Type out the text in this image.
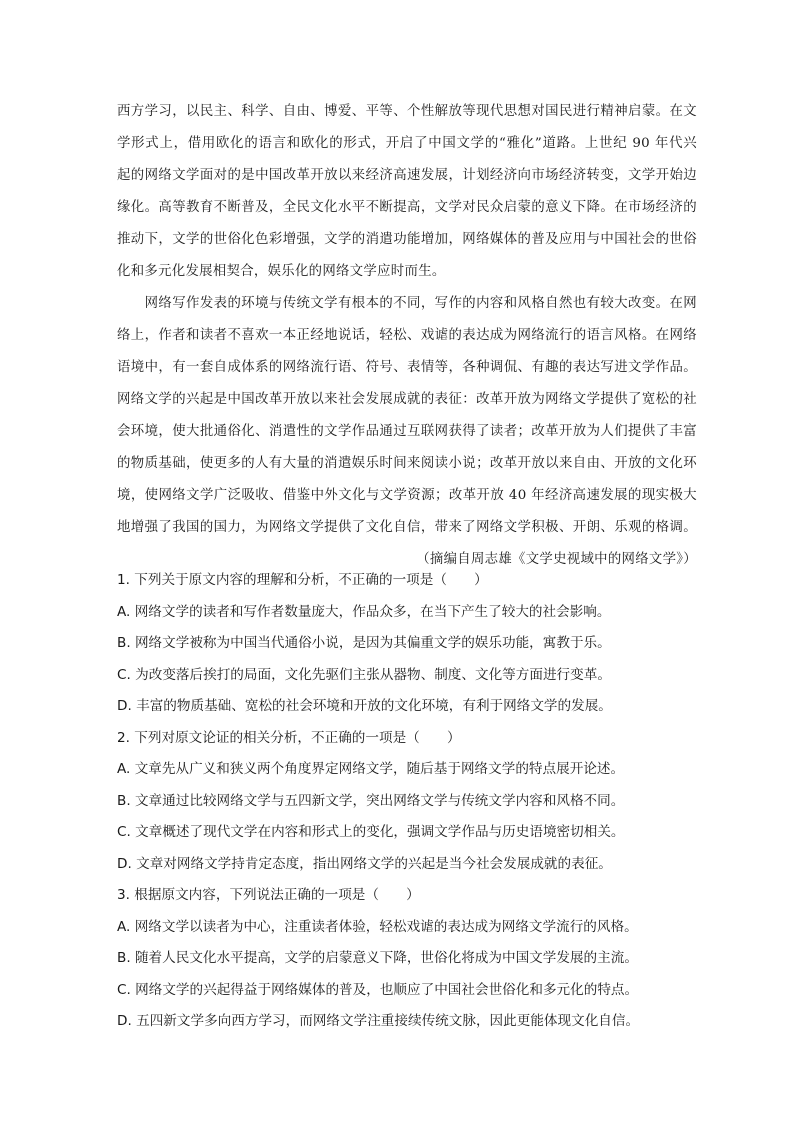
西方学习，以民主、科学、自由、博爱、平等、个性解放等现代思想对国民进行精神启蒙。在文
学形式上，借用欧化的语言和欧化的形式，开启了中国文学的“雅化”道路。上世纪 90 年代兴
起的网络文学面对的是中国改革开放以来经济高速发展，计划经济向市场经济转变，文学开始边
缘化。高等教育不断普及，全民文化水平不断提高，文学对民众启蒙的意义下降。在市场经济的
推动下，文学的世俗化色彩增强，文学的消遣功能增加，网络媒体的普及应用与中国社会的世俗
化和多元化发展相契合，娱乐化的网络文学应时而生。
　　网络写作发表的环境与传统文学有根本的不同，写作的内容和风格自然也有较大改变。在网
络上，作者和读者不喜欢一本正经地说话，轻松、戏谑的表达成为网络流行的语言风格。在网络
语境中，有一套自成体系的网络流行语、符号、表情等，各种调侃、有趣的表达写进文学作品。
网络文学的兴起是中国改革开放以来社会发展成就的表征：改革开放为网络文学提供了宽松的社
会环境，使大批通俗化、消遣性的文学作品通过互联网获得了读者；改革开放为人们提供了丰富
的物质基础，使更多的人有大量的消遣娱乐时间来阅读小说；改革开放以来自由、开放的文化环
境，使网络文学广泛吸收、借鉴中外文化与文学资源；改革开放 40 年经济高速发展的现实极大
地增强了我国的国力，为网络文学提供了文化自信，带来了网络文学积极、开朗、乐观的格调。
（摘编自周志雄《文学史视域中的网络文学》）
1. 下列关于原文内容的理解和分析，不正确的一项是（　　）
A. 网络文学的读者和写作者数量庞大，作品众多，在当下产生了较大的社会影响。
B. 网络文学被称为中国当代通俗小说，是因为其偏重文学的娱乐功能，寓教于乐。
C. 为改变落后挨打的局面，文化先驱们主张从器物、制度、文化等方面进行变革。
D. 丰富的物质基础、宽松的社会环境和开放的文化环境，有利于网络文学的发展。
2. 下列对原文论证的相关分析，不正确的一项是（　　）
A. 文章先从广义和狭义两个角度界定网络文学，随后基于网络文学的特点展开论述。
B. 文章通过比较网络文学与五四新文学，突出网络文学与传统文学内容和风格不同。
C. 文章概述了现代文学在内容和形式上的变化，强调文学作品与历史语境密切相关。
D. 文章对网络文学持肯定态度，指出网络文学的兴起是当今社会发展成就的表征。
3. 根据原文内容，下列说法正确的一项是（　　）
A. 网络文学以读者为中心，注重读者体验，轻松戏谑的表达成为网络文学流行的风格。
B. 随着人民文化水平提高，文学的启蒙意义下降，世俗化将成为中国文学发展的主流。
C. 网络文学的兴起得益于网络媒体的普及，也顺应了中国社会世俗化和多元化的特点。
D. 五四新文学多向西方学习，而网络文学注重接续传统文脉，因此更能体现文化自信。
